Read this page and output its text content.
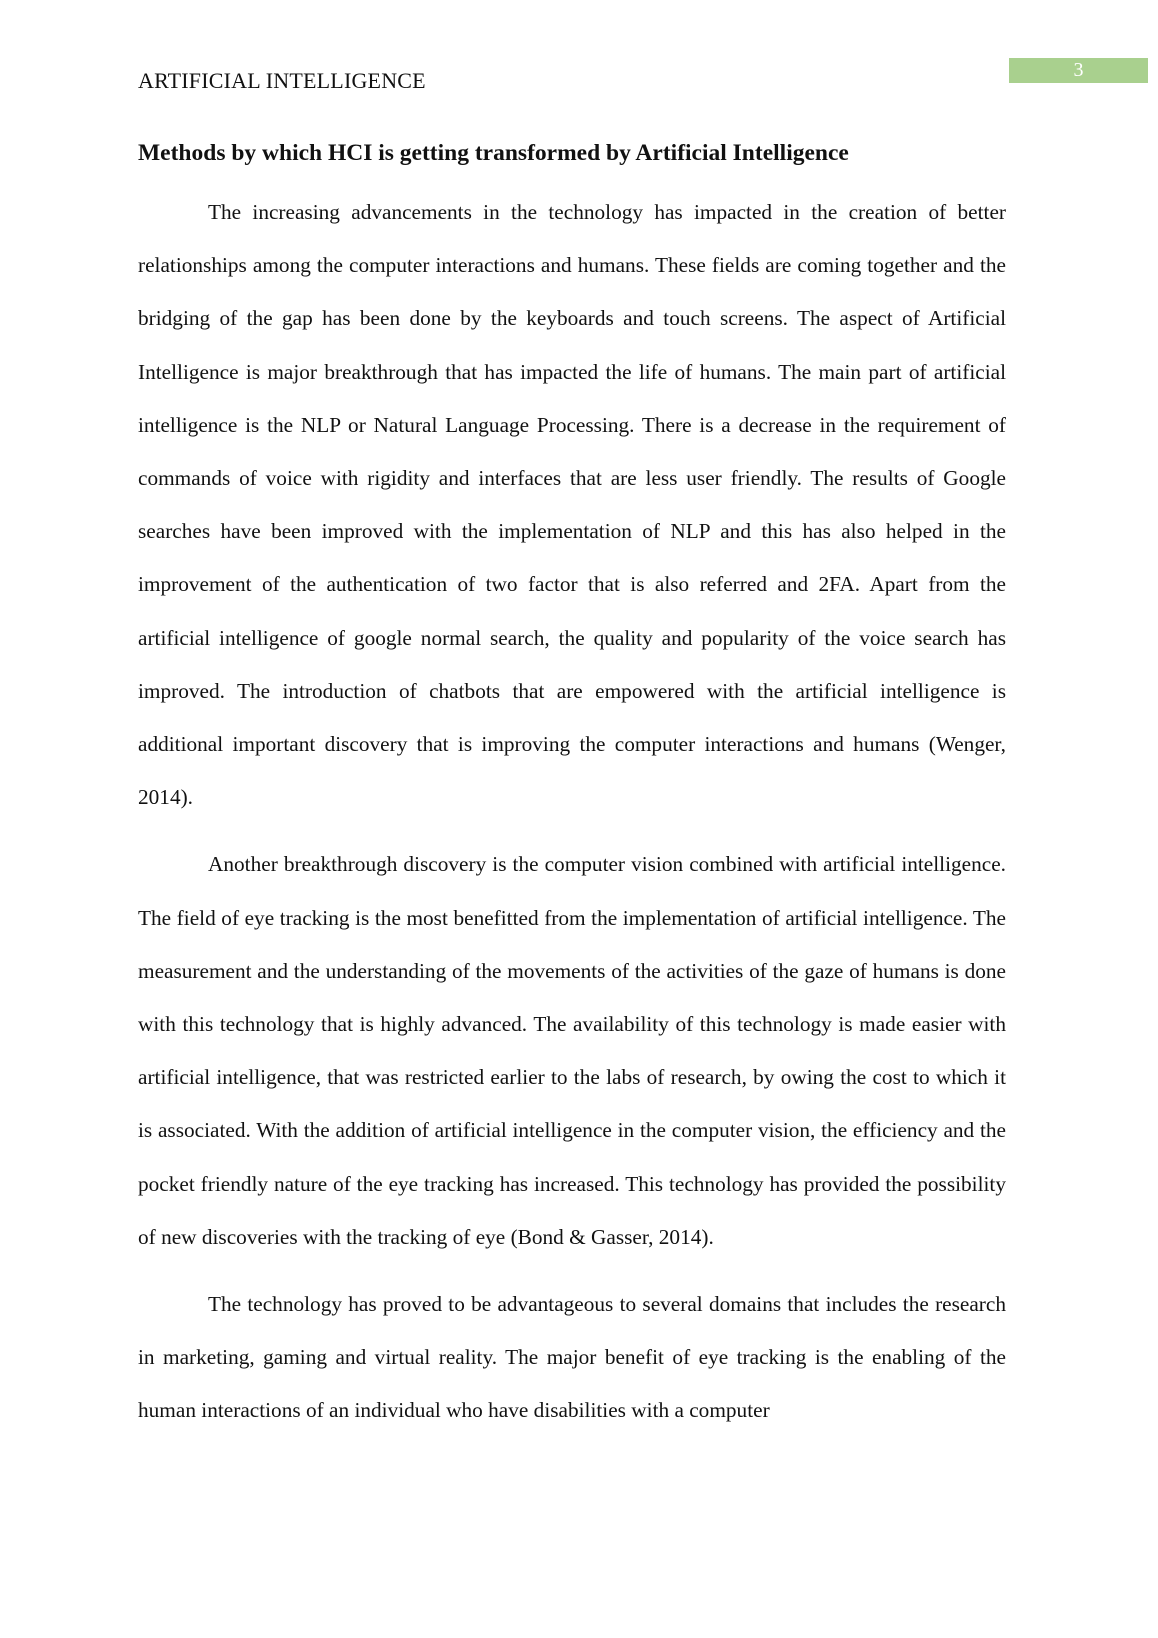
3
ARTIFICIAL INTELLIGENCE
Methods by which HCI is getting transformed by Artificial Intelligence

The increasing advancements in the technology has impacted in the creation of better relationships among the computer interactions and humans. These fields are coming together and the bridging of the gap has been done by the keyboards and touch screens. The aspect of Artificial Intelligence is major breakthrough that has impacted the life of humans. The main part of artificial intelligence is the NLP or Natural Language Processing. There is a decrease in the requirement of commands of voice with rigidity and interfaces that are less user friendly. The results of Google searches have been improved with the implementation of NLP and this has also helped in the improvement of the authentication of two factor that is also referred and 2FA. Apart from the artificial intelligence of google normal search, the quality and popularity of the voice search has improved. The introduction of chatbots that are empowered with the artificial intelligence is additional important discovery that is improving the computer interactions and humans (Wenger, 2014).

Another breakthrough discovery is the computer vision combined with artificial intelligence. The field of eye tracking is the most benefitted from the implementation of artificial intelligence. The measurement and the understanding of the movements of the activities of the gaze of humans is done with this technology that is highly advanced. The availability of this technology is made easier with artificial intelligence, that was restricted earlier to the labs of research, by owing the cost to which it is associated. With the addition of artificial intelligence in the computer vision, the efficiency and the pocket friendly nature of the eye tracking has increased. This technology has provided the possibility of new discoveries with the tracking of eye (Bond & Gasser, 2014).

The technology has proved to be advantageous to several domains that includes the research in marketing, gaming and virtual reality. The major benefit of eye tracking is the enabling of the human interactions of an individual who have disabilities with a computer
